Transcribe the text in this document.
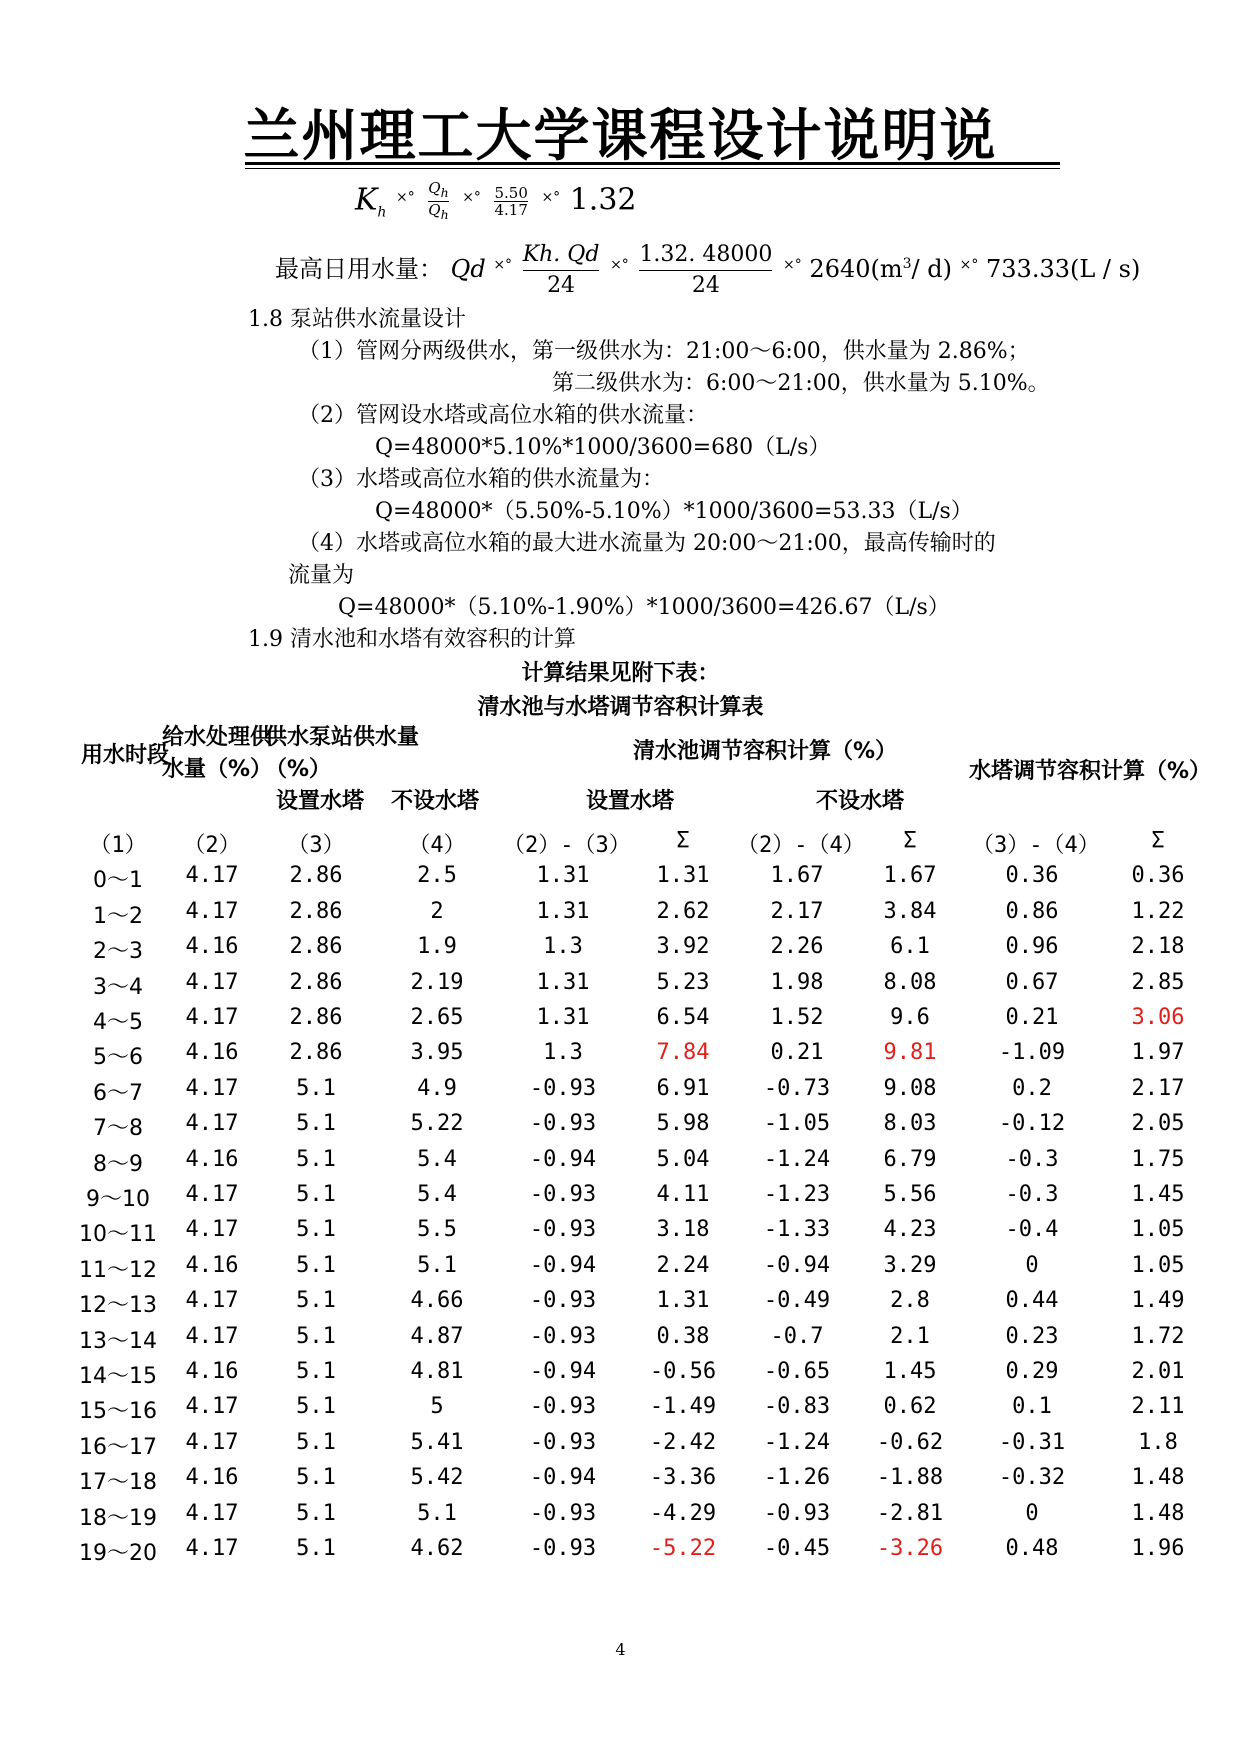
兰州理工大学课程设计说明说
$K_h$ $^{\times^\circ} \frac{Q_h}{Q_h} ^{\times^\circ} \frac{5.50}{4.17} ^{\times^\circ}$ 1.32
最高日用水量： Qd $^{\times^\circ} \frac{Kh. Qd}{24} ^{\times^\circ} \frac{1.32. 48000}{24} ^{\times^\circ}$ $2640(m^3/$ d) ×° 733.33(L / s)
1.8 泵站供水流量设计
（1）管网分两级供水，第一级供水为：21:00～6:00，供水量为 2.86%；
第二级供水为：6:00～21:00，供水量为 5.10%。
（2）管网设水塔或高位水箱的供水流量：
Q=48000*5.10%*1000/3600=680（L/s）
（3）水塔或高位水箱的供水流量为：
Q=48000*（5.50%-5.10%）*1000/3600=53.33（L/s）
（4）水塔或高位水箱的最大进水流量为 20:00～21:00，最高传输时的
流量为
Q=48000*（5.10%-1.90%）*1000/3600=426.67（L/s）
1.9 清水池和水塔有效容积的计算
计算结果见附下表：
清水池与水塔调节容积计算表
用水时段
给水处理供水量（%）
供水泵站供水量（%）
设置水塔	不设水塔
清水池调节容积计算（%）
设置水塔	不设水塔
水塔调节容积计算（%）
（1）	（2）	（3）	（4）	（2）-（3）	Σ	（2）-（4）	Σ	（3）-（4）	Σ
0～1	4.17	2.86	2.5	1.31	1.31	1.67	1.67	0.36	0.36
1～2	4.17	2.86	2	1.31	2.62	2.17	3.84	0.86	1.22
2～3	4.16	2.86	1.9	1.3	3.92	2.26	6.1	0.96	2.18
3～4	4.17	2.86	2.19	1.31	5.23	1.98	8.08	0.67	2.85
4～5	4.17	2.86	2.65	1.31	6.54	1.52	9.6	0.21	3.06
5～6	4.16	2.86	3.95	1.3	7.84	0.21	9.81	-1.09	1.97
6～7	4.17	5.1	4.9	-0.93	6.91	-0.73	9.08	0.2	2.17
7～8	4.17	5.1	5.22	-0.93	5.98	-1.05	8.03	-0.12	2.05
8～9	4.16	5.1	5.4	-0.94	5.04	-1.24	6.79	-0.3	1.75
9～10	4.17	5.1	5.4	-0.93	4.11	-1.23	5.56	-0.3	1.45
10～11	4.17	5.1	5.5	-0.93	3.18	-1.33	4.23	-0.4	1.05
11～12	4.16	5.1	5.1	-0.94	2.24	-0.94	3.29	0	1.05
12～13	4.17	5.1	4.66	-0.93	1.31	-0.49	2.8	0.44	1.49
13～14	4.17	5.1	4.87	-0.93	0.38	-0.7	2.1	0.23	1.72
14～15	4.16	5.1	4.81	-0.94	-0.56	-0.65	1.45	0.29	2.01
15～16	4.17	5.1	5	-0.93	-1.49	-0.83	0.62	0.1	2.11
16～17	4.17	5.1	5.41	-0.93	-2.42	-1.24	-0.62	-0.31	1.8
17～18	4.16	5.1	5.42	-0.94	-3.36	-1.26	-1.88	-0.32	1.48
18～19	4.17	5.1	5.1	-0.93	-4.29	-0.93	-2.81	0	1.48
19～20	4.17	5.1	4.62	-0.93	-5.22	-0.45	-3.26	0.48	1.96
4
